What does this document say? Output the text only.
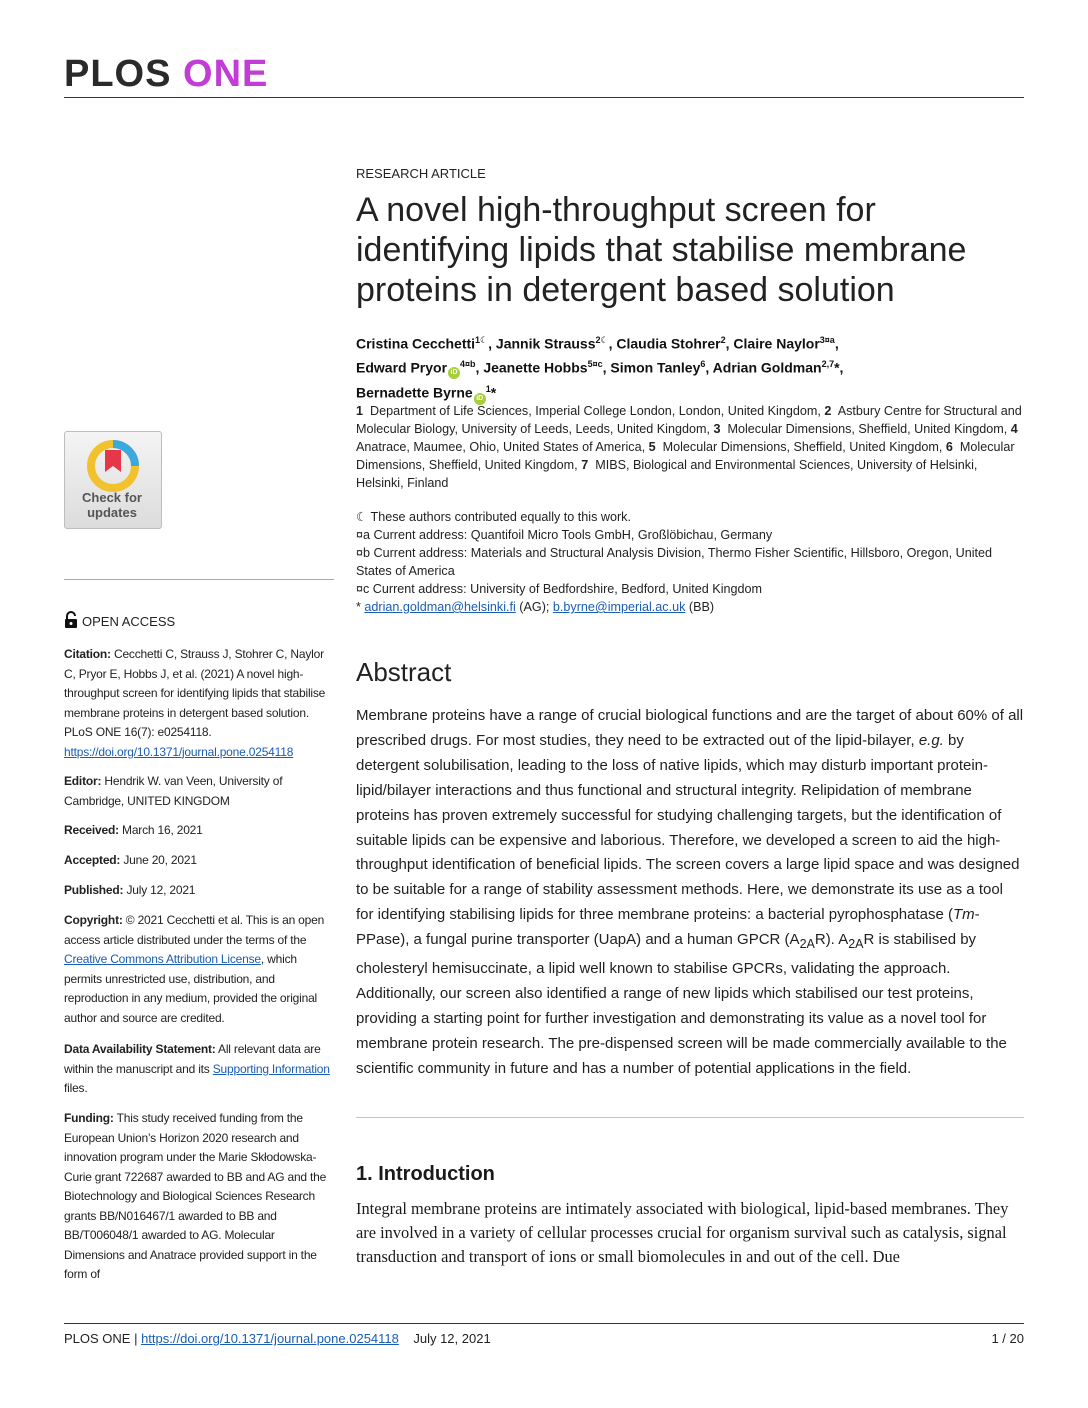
PLOS ONE
Check for updates
OPEN ACCESS
Citation: Cecchetti C, Strauss J, Stohrer C, Naylor C, Pryor E, Hobbs J, et al. (2021) A novel high-throughput screen for identifying lipids that stabilise membrane proteins in detergent based solution. PLoS ONE 16(7): e0254118. https://doi.org/10.1371/journal.pone.0254118
Editor: Hendrik W. van Veen, University of Cambridge, UNITED KINGDOM
Received: March 16, 2021
Accepted: June 20, 2021
Published: July 12, 2021
Copyright: © 2021 Cecchetti et al. This is an open access article distributed under the terms of the Creative Commons Attribution License, which permits unrestricted use, distribution, and reproduction in any medium, provided the original author and source are credited.
Data Availability Statement: All relevant data are within the manuscript and its Supporting Information files.
Funding: This study received funding from the European Union’s Horizon 2020 research and innovation program under the Marie Skłodowska-Curie grant 722687 awarded to BB and AG and the Biotechnology and Biological Sciences Research grants BB/N016467/1 awarded to BB and BB/T006048/1 awarded to AG. Molecular Dimensions and Anatrace provided support in the form of
RESEARCH ARTICLE
A novel high-throughput screen for identifying lipids that stabilise membrane proteins in detergent based solution
Cristina Cecchetti$^{1☾}$, Jannik Strauss$^{2☾}$, Claudia Stohrer$^2$, Claire Naylor$^{3¤a}$,
Edward Pryor $iD^{4¤b}$, Jeanette Hobbs$^{5¤c}$, Simon Tanley$^6$, Adrian Goldman$^{2,7}$*,
Bernadette Byrne $iD^1*$
1 Department of Life Sciences, Imperial College London, London, United Kingdom, 2 Astbury Centre for Structural and Molecular Biology, University of Leeds, Leeds, United Kingdom, 3 Molecular Dimensions, Sheffield, United Kingdom, 4  Anatrace, Maumee, Ohio, United States of America, 5 Molecular Dimensions, Sheffield, United Kingdom, 6 Molecular Dimensions, Sheffield, United Kingdom, 7 MIBS, Biological and Environmental Sciences, University of Helsinki, Helsinki, Finland
☾ These authors contributed equally to this work.
¤a Current address: Quantifoil Micro Tools GmbH, Großlöbichau, Germany
¤b Current address: Materials and Structural Analysis Division, Thermo Fisher Scientific, Hillsboro, Oregon, United States of America
¤c Current address: University of Bedfordshire, Bedford, United Kingdom
* adrian.goldman@helsinki.fi (AG); b.byrne@imperial.ac.uk (BB)
Abstract

Membrane proteins have a range of crucial biological functions and are the target of about 60% of all prescribed drugs. For most studies, they need to be extracted out of the lipid-bilayer, e.g. by detergent solubilisation, leading to the loss of native lipids, which may disturb important protein-lipid/bilayer interactions and thus functional and structural integrity. Relipidation of membrane proteins has proven extremely successful for studying challenging targets, but the identification of suitable lipids can be expensive and laborious. Therefore, we developed a screen to aid the high-throughput identification of beneficial lipids. The screen covers a large lipid space and was designed to be suitable for a range of stability assessment methods. Here, we demonstrate its use as a tool for identifying stabilising lipids for three membrane proteins: a bacterial pyrophosphatase (Tm-PPase), a fungal purine transporter (UapA) and a human GPCR $(A_{2A}R)$. $A_{2A}R$ is stabilised by cholesteryl hemisuccinate, a lipid well known to stabilise GPCRs, validating the approach. Additionally, our screen also identified a range of new lipids which stabilised our test proteins, providing a starting point for further investigation and demonstrating its value as a novel tool for membrane protein research. The pre-dispensed screen will be made commercially available to the scientific community in future and has a number of potential applications in the field.

1. Introduction

Integral membrane proteins are intimately associated with biological, lipid-based membranes. They are involved in a variety of cellular processes crucial for organism survival such as catalysis, signal transduction and transport of ions or small biomolecules in and out of the cell. Due

PLOS ONE | https://doi.org/10.1371/journal.pone.0254118 July 12, 2021	1 / 20
